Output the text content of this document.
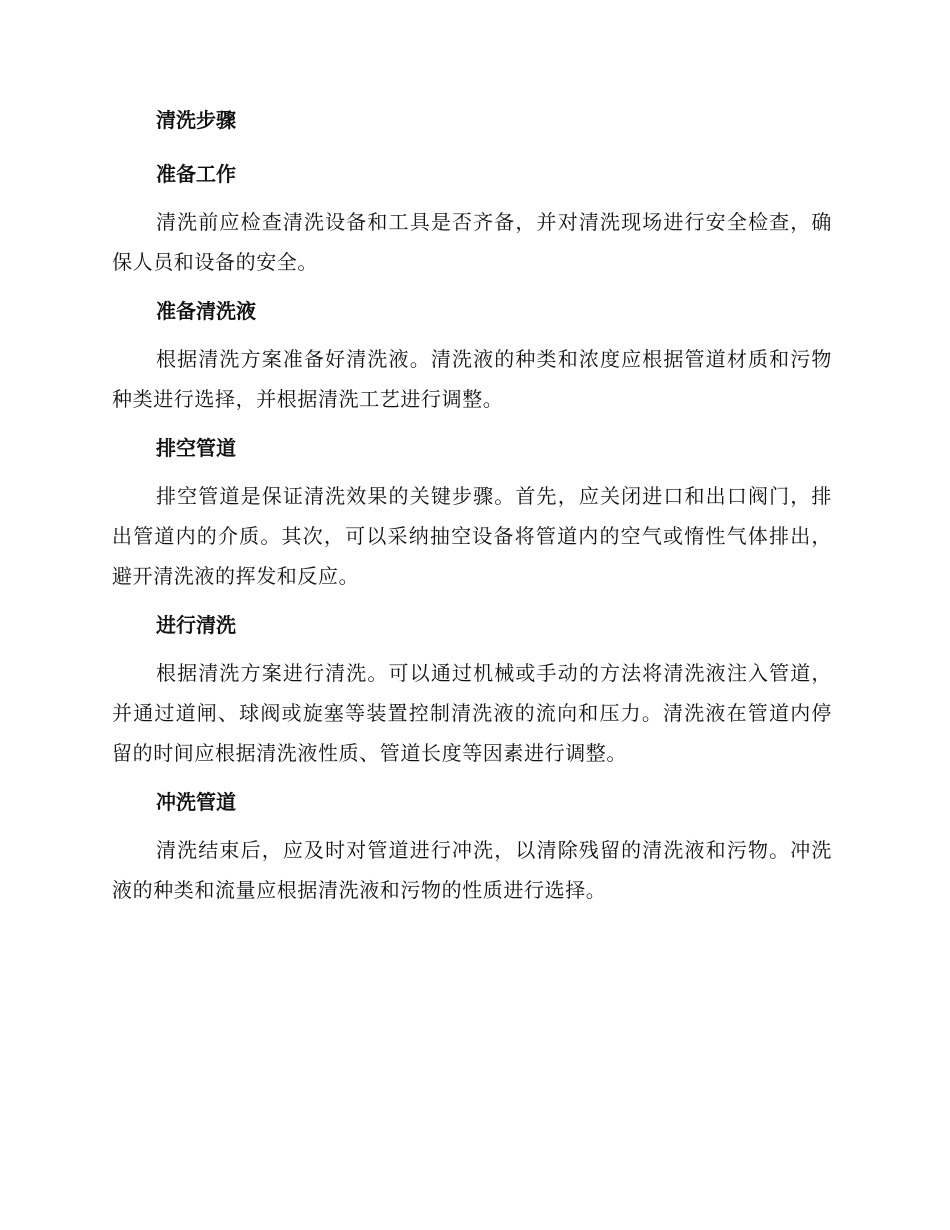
清洗步骤
准备工作

清洗前应检查清洗设备和工具是否齐备，并对清洗现场进行安全检查，确保人员和设备的安全。

准备清洗液

根据清洗方案准备好清洗液。清洗液的种类和浓度应根据管道材质和污物种类进行选择，并根据清洗工艺进行调整。

排空管道

排空管道是保证清洗效果的关键步骤。首先，应关闭进口和出口阀门，排出管道内的介质。其次，可以采纳抽空设备将管道内的空气或惰性气体排出，避开清洗液的挥发和反应。

进行清洗

根据清洗方案进行清洗。可以通过机械或手动的方法将清洗液注入管道，并通过道闸、球阀或旋塞等装置控制清洗液的流向和压力。清洗液在管道内停留的时间应根据清洗液性质、管道长度等因素进行调整。

冲洗管道

清洗结束后，应及时对管道进行冲洗，以清除残留的清洗液和污物。冲洗液的种类和流量应根据清洗液和污物的性质进行选择。
